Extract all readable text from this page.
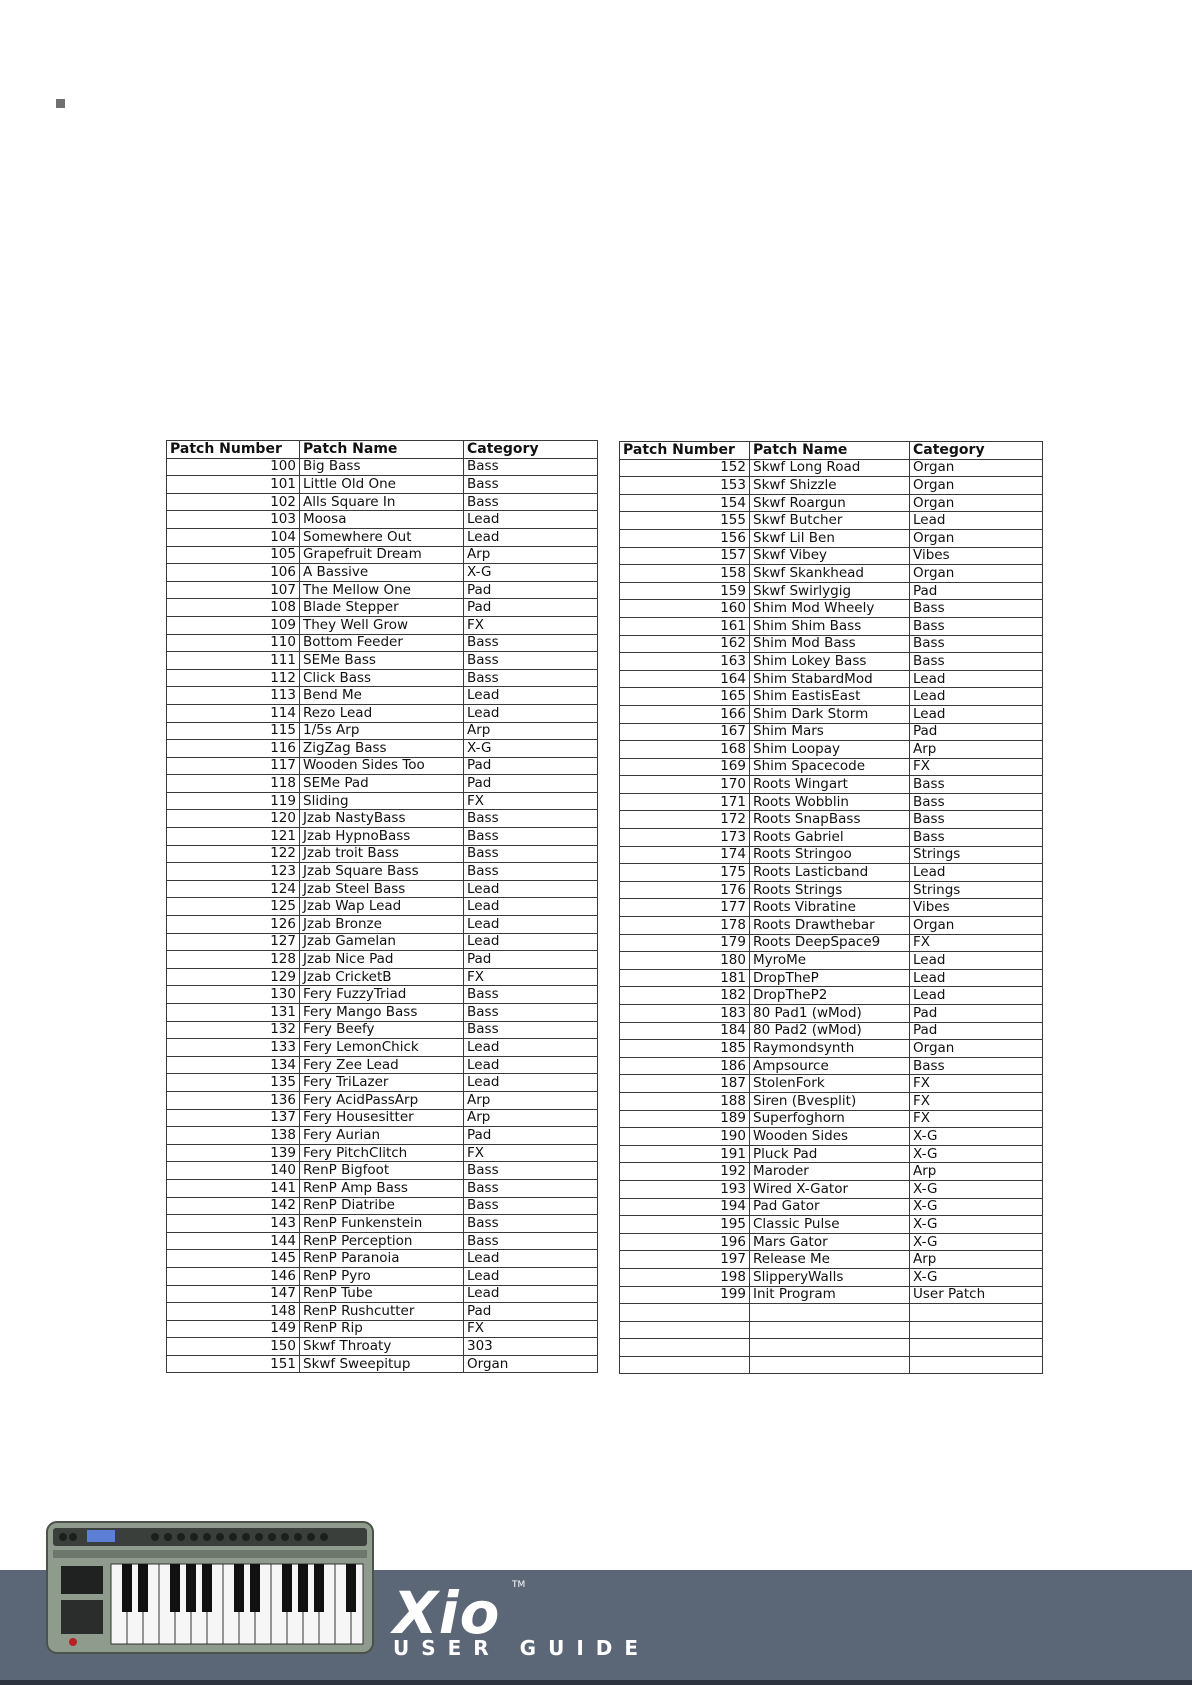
Patch Number	Patch Name	Category
100	Big Bass	Bass
101	Little Old One	Bass
102	Alls Square In	Bass
103	Moosa	Lead
104	Somewhere Out	Lead
105	Grapefruit Dream	Arp
106	A Bassive	X-G
107	The Mellow One	Pad
108	Blade Stepper	Pad
109	They Well Grow	FX
110	Bottom Feeder	Bass
111	SEMe Bass	Bass
112	Click Bass	Bass
113	Bend Me	Lead
114	Rezo Lead	Lead
115	1/5s Arp	Arp
116	ZigZag Bass	X-G
117	Wooden Sides Too	Pad
118	SEMe Pad	Pad
119	Sliding	FX
120	Jzab NastyBass	Bass
121	Jzab HypnoBass	Bass
122	Jzab troit Bass	Bass
123	Jzab Square Bass	Bass
124	Jzab Steel Bass	Lead
125	Jzab Wap Lead	Lead
126	Jzab Bronze	Lead
127	Jzab Gamelan	Lead
128	Jzab Nice Pad	Pad
129	Jzab CricketB	FX
130	Fery FuzzyTriad	Bass
131	Fery Mango Bass	Bass
132	Fery Beefy	Bass
133	Fery LemonChick	Lead
134	Fery Zee Lead	Lead
135	Fery TriLazer	Lead
136	Fery AcidPassArp	Arp
137	Fery Housesitter	Arp
138	Fery Aurian	Pad
139	Fery PitchClitch	FX
140	RenP Bigfoot	Bass
141	RenP Amp Bass	Bass
142	RenP Diatribe	Bass
143	RenP Funkenstein	Bass
144	RenP Perception	Bass
145	RenP Paranoia	Lead
146	RenP Pyro	Lead
147	RenP Tube	Lead
148	RenP Rushcutter	Pad
149	RenP Rip	FX
150	Skwf Throaty	303
151	Skwf Sweepitup	Organ
Patch Number	Patch Name	Category
152	Skwf Long Road	Organ
153	Skwf Shizzle	Organ
154	Skwf Roargun	Organ
155	Skwf Butcher	Lead
156	Skwf Lil Ben	Organ
157	Skwf Vibey	Vibes
158	Skwf Skankhead	Organ
159	Skwf Swirlygig	Pad
160	Shim Mod Wheely	Bass
161	Shim Shim Bass	Bass
162	Shim Mod Bass	Bass
163	Shim Lokey Bass	Bass
164	Shim StabardMod	Lead
165	Shim EastisEast	Lead
166	Shim Dark Storm	Lead
167	Shim Mars	Pad
168	Shim Loopay	Arp
169	Shim Spacecode	FX
170	Roots Wingart	Bass
171	Roots Wobblin	Bass
172	Roots SnapBass	Bass
173	Roots Gabriel	Bass
174	Roots Stringoo	Strings
175	Roots Lasticband	Lead
176	Roots Strings	Strings
177	Roots Vibratine	Vibes
178	Roots Drawthebar	Organ
179	Roots DeepSpace9	FX
180	MyroMe	Lead
181	DropTheP	Lead
182	DropTheP2	Lead
183	80 Pad1 (wMod)	Pad
184	80 Pad2 (wMod)	Pad
185	Raymondsynth	Organ
186	Ampsource	Bass
187	StolenFork	FX
188	Siren (Bvesplit)	FX
189	Superfoghorn	FX
190	Wooden Sides	X-G
191	Pluck Pad	X-G
192	Maroder	Arp
193	Wired X-Gator	X-G
194	Pad Gator	X-G
195	Classic Pulse	X-G
196	Mars Gator	X-G
197	Release Me	Arp
198	SlipperyWalls	X-G
199	Init Program	User Patch

Xio TM
USER GUIDE
